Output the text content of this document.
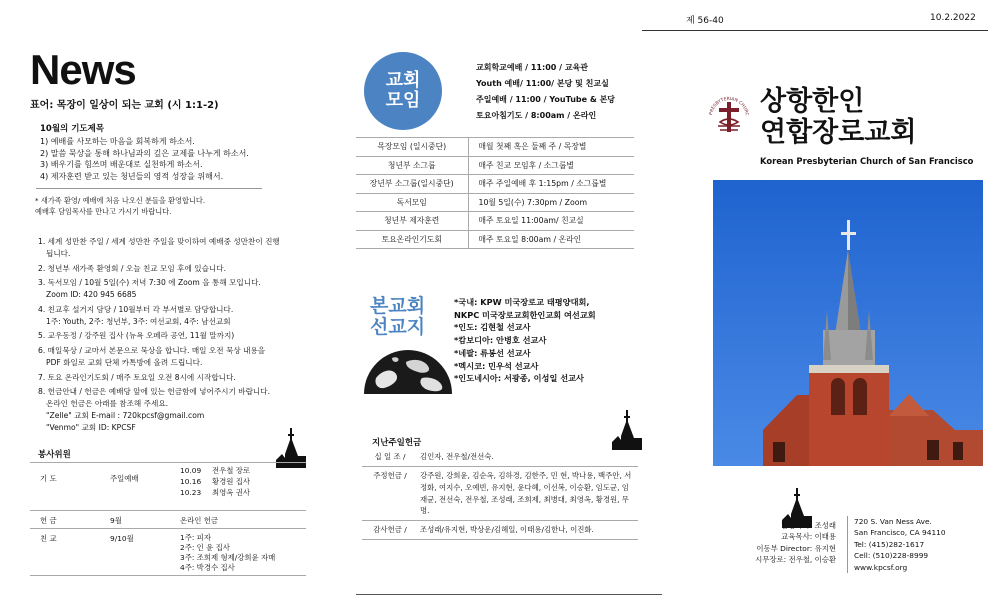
제 56-40	10.2.2022
News
표어: 목장이 일상이 되는 교회 (시 1:1-2)
10월의 기도제목
1) 예배를 사모하는 마음을 회복하게 하소서.
2) 말씀 묵상을 통해 하나님과의 깊은 교제를 나누게 하소서.
3) 배우기를 힘쓰며 배운대로 실천하게 하소서.
4) 제자훈련 받고 있는 청년들의 영적 성장을 위해서.
* 새가족 환영/ 예배에 처음 나오신 분들을 환영합니다.
예배후 담임목사를 만나고 가시기 바랍니다.
1. 세계 성만찬 주일 / 세계 성만찬 주일을 맞이하여 예배중 성만찬이 진행
됩니다.
2. 청년부 새가족 환영회 / 오늘 친교 모임 후에 있습니다.
3. 독서모임 / 10월 5일(수) 저녁 7:30 에 Zoom 을 통해 모입니다.
Zoom ID: 420 945 6685
4. 친교후 설거지 담당 / 10월부터 각 부서별로 담당합니다.
1주: Youth, 2주: 청년부, 3주: 여선교회, 4주: 남선교회
5. 교우동정 / 강주원 집사 (뉴욕 오페라 공연, 11월 말까지)
6. 매일묵상 / 교마서 본문으로 묵상을 합니다. 매일 오전 묵상 내용을
PDF 화일로 교회 단체 카톡방에 올려 드립니다.
7. 토요 온라인기도회 / 매주 토요일 오전 8시에 시작합니다.
8. 헌금안내 / 헌금은 예배당 앞에 있는 헌금함에 넣어주시기 바랍니다.
온라인 헌금은 아래를 참조해 주세요.
"Zelle" 교회 E-mail : 720kpcsf@gmail.com
"Venmo" 교회 ID: KPCSF
봉사위원
기 도	주일예배
10.09 전우철 장로
10.16 황경원 집사
10.23 최영옥 권사
헌 금	9월	온라인 헌금
친 교	9/10월	1주: 피자
2주: 인 윤 집사
3주: 조희제 형제/강희윤 자매
4주: 박경수 집사
교회
모임
교회학교예배 / 11:00 / 교육관
Youth 예배/ 11:00/ 본당 및 친교실
주일예배 / 11:00 / YouTube & 본당
토요아침기도 / 8:00am / 온라인
목장모임 (일시중단)	매월 첫째 혹은 둘째 주 / 목장별
청년부 소그룹	매주 친교 모임후 / 소그룹별
장년부 소그룹(일시중단)	매주 주일예배 후 1:15pm / 소그룹별
독서모임	10월 5일(수) 7:30pm / Zoom
청년부 제자훈련	매주 토요일 11:00am/ 친교실
토요온라인기도회	매주 토요일 8:00am / 온라인
본교회
선교지
*국내: KPW 미국장로교 태평양대회,
NKPC 미국장로교회한인교회 여선교회
*인도: 김현철 선교사
*캄보디아: 안병호 선교사
*네팔: 류봉선 선교사
*멕시코: 민우석 선교사
*인도네시아: 서광종, 이성일 선교사
지난주일헌금
십 일 조 /	김인자, 전우철/전선숙.
주정헌금 /	강주원, 강희윤, 김순옥, 김하경, 김한주, 민 현, 박나용, 백주안, 서정화, 여지수, 오예빈, 유지현, 윤다혜, 이선복, 이승환, 임도균, 임재균, 전선숙, 전우철, 조성래, 조희제, 최병대, 최영옥, 황경원, 무 명.
감사헌금 /	조성래/유지현, 박상운/김혜일, 이태용/김한나, 이진화.
PRESBYTERIAN CHURC 상항한인
연합장로교회
Korean Presbyterian Church of San Francisco
담임목사: 조성래
교육목사: 이태용
이동부 Director: 유지현
시무장로: 전우철, 이승환
720 S. Van Ness Ave.
San Francisco, CA 94110
Tel: (415)282-1617
Cell: (510)228-8999
www.kpcsf.org
